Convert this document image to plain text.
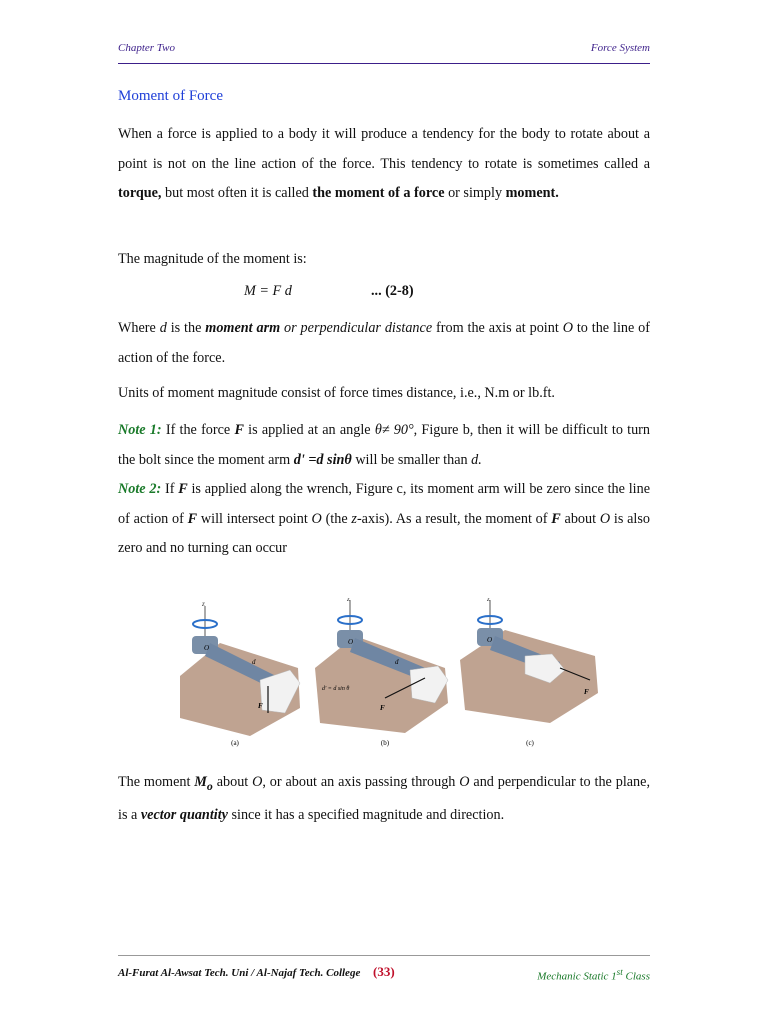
Chapter Two	Force System
Moment of Force
When a force is applied to a body it will produce a tendency for the body to rotate about a point is not on the line action of the force. This tendency to rotate is sometimes called a torque, but most often it is called the moment of a force or simply moment.
The magnitude of the moment is:
M = F d	... (2-8)
Where d is the moment arm or perpendicular distance from the axis at point O to the line of action of the force.
Units of moment magnitude consist of force times distance, i.e., N.m or lb.ft.
Note 1: If the force F is applied at an angle θ≠ 90°, Figure b, then it will be difficult to turn the bolt since the moment arm d' =d sinθ will be smaller than d.
Note 2: If F is applied along the wrench, Figure c, its moment arm will be zero since the line of action of F will intersect point O (the z-axis). As a result, the moment of F about O is also zero and no turning can occur
z
F
O
d
(a)
z
F
O
d
d' = d sin θ
(b)
z
F
O
(c)
The moment $M_o$ about O, or about an axis passing through O and perpendicular to the plane, is a vector quantity since it has a specified magnitude and direction.
Al-Furat Al-Awsat Tech. Uni / Al-Najaf Tech. College (33)	Mechanic Static 1st Class
